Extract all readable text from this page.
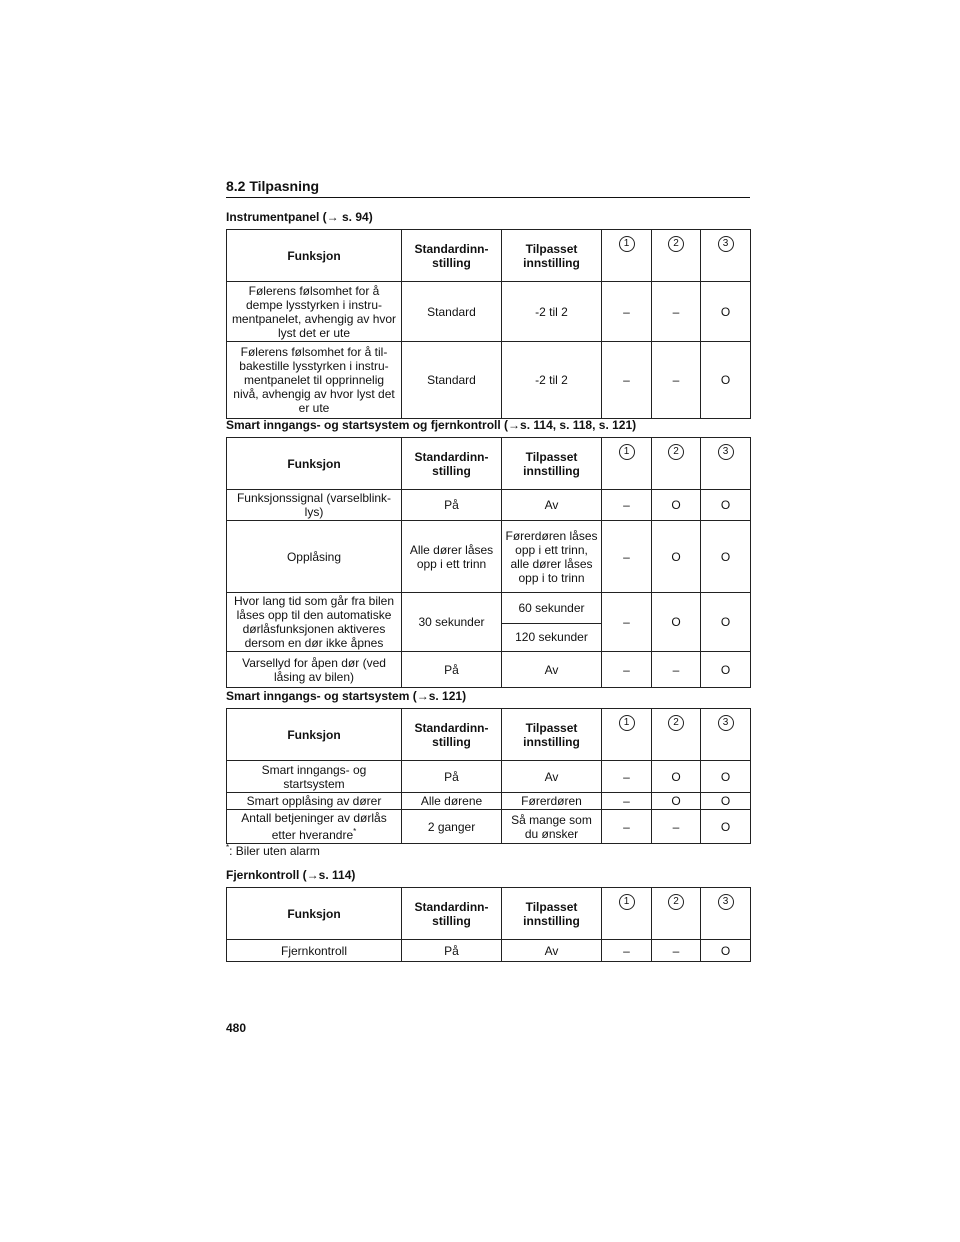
8.2 Tilpasning
Instrumentpanel (→ s. 94)
Funksjon	Standardinn-stilling	Tilpasset innstilling	1	2	3
Følerens følsomhet for å dempe lysstyrken i instru-mentpanelet, avhengig av hvor lyst det er ute	Standard	-2 til 2	–	–	O
Følerens følsomhet for å til-bakestille lysstyrken i instru-mentpanelet til opprinnelig nivå, avhengig av hvor lyst det er ute	Standard	-2 til 2	–	–	O
Smart inngangs- og startsystem og fjernkontroll (→s. 114, s. 118, s. 121)
Funksjon	Standardinn-stilling	Tilpasset innstilling	1	2	3
Funksjonssignal (varselblink-lys)	På	Av	–	O	O
Opplåsing	Alle dører låses opp i ett trinn	Førerdøren låses opp i ett trinn, alle dører låses opp i to trinn	–	O	O
Hvor lang tid som går fra bilen låses opp til den automatiske dørlåsfunksjonen aktiveres dersom en dør ikke åpnes	30 sekunder	60 sekunder	–	O	O
		120 sekunder			
Varsellyd for åpen dør (ved låsing av bilen)	På	Av	–	–	O
Smart inngangs- og startsystem (→s. 121)
Funksjon	Standardinn-stilling	Tilpasset innstilling	1	2	3
Smart inngangs- og startsystem	På	Av	–	O	O
Smart opplåsing av dører	Alle dørene	Førerdøren	–	O	O
Antall betjeninger av dørlås etter hverandre*	2 ganger	Så mange som du ønsker	–	–	O
*: Biler uten alarm
Fjernkontroll (→s. 114)
Funksjon	Standardinn-stilling	Tilpasset innstilling	1	2	3
Fjernkontroll	På	Av	–	–	O
480
